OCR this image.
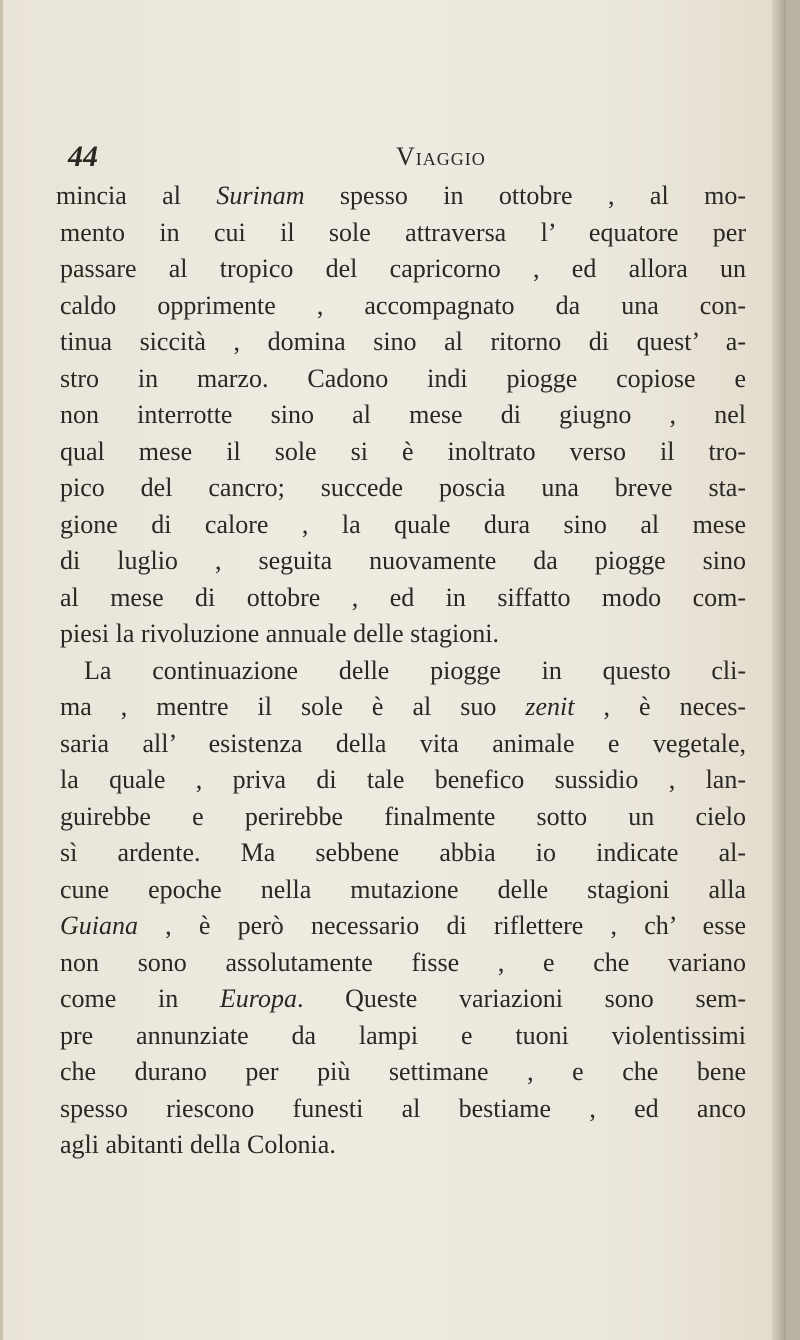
44	Viaggio
mincia al Surinam spesso in ottobre , al mo-
mento in cui il sole attraversa l’ equatore per
passare al tropico del capricorno , ed allora un
caldo opprimente , accompagnato da una con-
tinua siccità , domina sino al ritorno di quest’ a-
stro in marzo. Cadono indi piogge copiose e
non interrotte sino al mese di giugno , nel
qual mese il sole si è inoltrato verso il tro-
pico del cancro; succede poscia una breve sta-
gione di calore , la quale dura sino al mese
di luglio , seguita nuovamente da piogge sino
al mese di ottobre , ed in siffatto modo com-
piesi la rivoluzione annuale delle stagioni.
La continuazione delle piogge in questo cli-
ma , mentre il sole è al suo zenit , è neces-
saria all’ esistenza della vita animale e vegetale,
la quale , priva di tale benefico sussidio , lan-
guirebbe e perirebbe finalmente sotto un cielo
sì ardente. Ma sebbene abbia io indicate al-
cune epoche nella mutazione delle stagioni alla
Guiana , è però necessario di riflettere , ch’ esse
non sono assolutamente fisse , e che variano
come in Europa. Queste variazioni sono sem-
pre annunziate da lampi e tuoni violentissimi
che durano per più settimane , e che bene
spesso riescono funesti al bestiame , ed anco
agli abitanti della Colonia.
